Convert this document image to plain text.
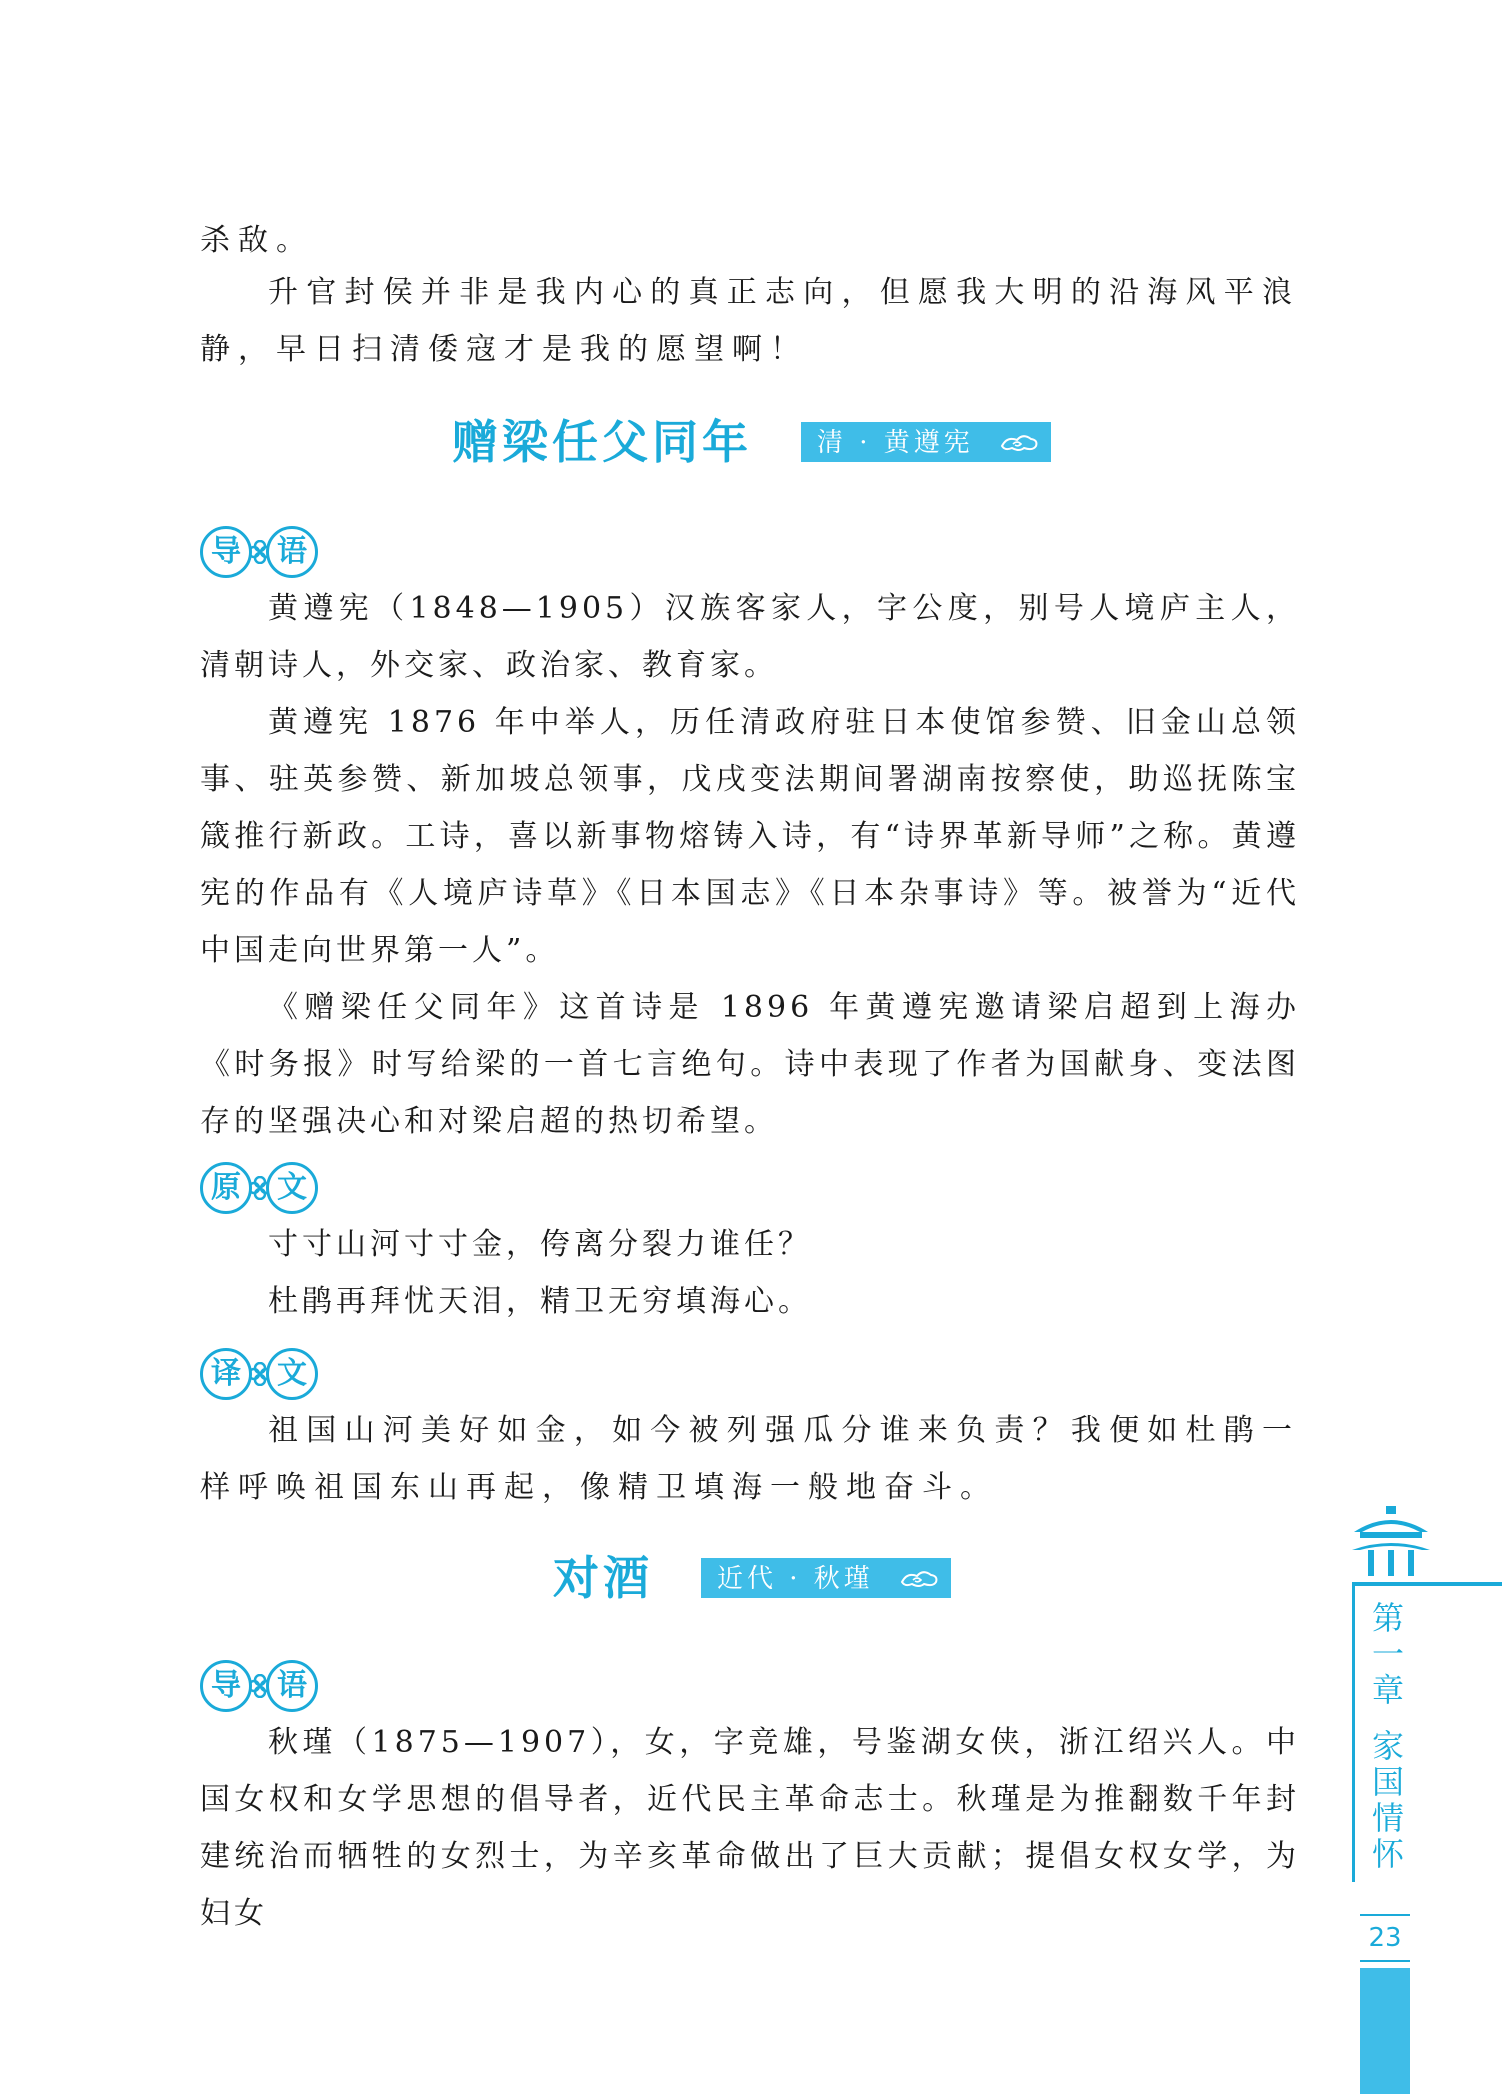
杀敌。

升官封侯并非是我内心的真正志向，但愿我大明的沿海风平浪静，早日扫清倭寇才是我的愿望啊！

赠梁任父同年	清 · 黄遵宪
导	语

黄遵宪（1848—1905）汉族客家人，字公度，别号人境庐主人，清朝诗人，外交家、政治家、教育家。

黄遵宪 1876 年中举人，历任清政府驻日本使馆参赞、旧金山总领事、驻英参赞、新加坡总领事，戊戌变法期间署湖南按察使，助巡抚陈宝箴推行新政。工诗，喜以新事物熔铸入诗，有“诗界革新导师”之称。黄遵宪的作品有《人境庐诗草》《日本国志》《日本杂事诗》等。被誉为“近代中国走向世界第一人”。

《赠梁任父同年》这首诗是 1896 年黄遵宪邀请梁启超到上海办《时务报》时写给梁的一首七言绝句。诗中表现了作者为国献身、变法图存的坚强决心和对梁启超的热切希望。

原	文

寸寸山河寸寸金，侉离分裂力谁任？

杜鹃再拜忧天泪，精卫无穷填海心。

译	文

祖国山河美好如金，如今被列强瓜分谁来负责？我便如杜鹃一样呼唤祖国东山再起，像精卫填海一般地奋斗。

对酒	近代 · 秋瑾
导	语

秋瑾（1875—1907），女，字竞雄，号鉴湖女侠，浙江绍兴人。中国女权和女学思想的倡导者，近代民主革命志士。秋瑾是为推翻数千年封建统治而牺牲的女烈士，为辛亥革命做出了巨大贡献；提倡女权女学，为妇女

第

一

章

家

国

情

怀

23
